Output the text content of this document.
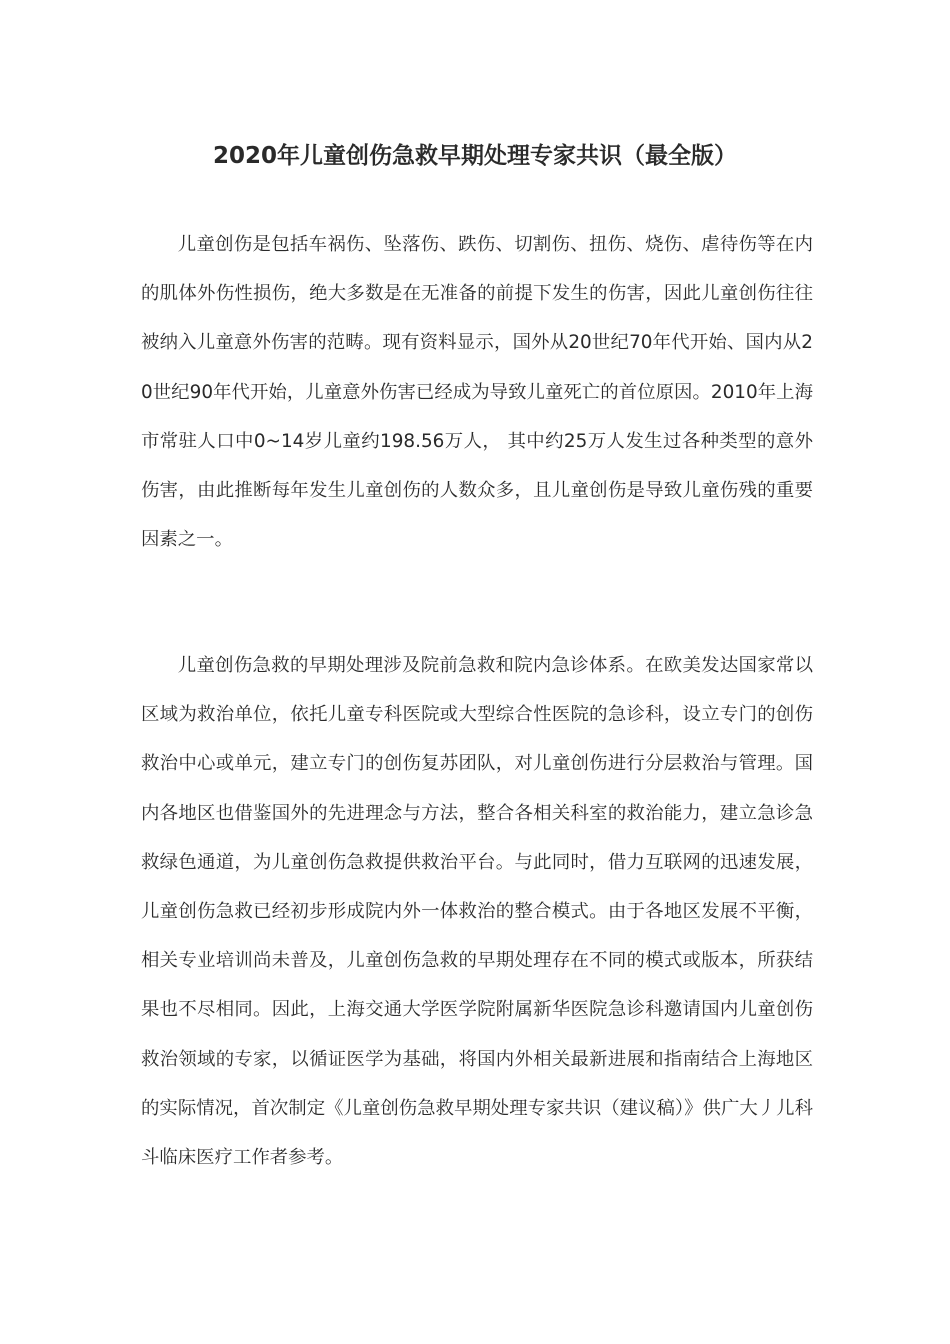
2020年儿童创伤急救早期处理专家共识（最全版）

儿童创伤是包括车祸伤、坠落伤、跌伤、切割伤、扭伤、烧伤、虐待伤等在内的肌体外伤性损伤，绝大多数是在无准备的前提下发生的伤害，因此儿童创伤往往被纳入儿童意外伤害的范畴。现有资料显示，国外从20世纪70年代开始、国内从20世纪90年代开始，儿童意外伤害已经成为导致儿童死亡的首位原因。2010年上海市常驻人口中0~14岁儿童约198.56万人， 其中约25万人发生过各种类型的意外伤害，由此推断每年发生儿童创伤的人数众多，且儿童创伤是导致儿童伤残的重要因素之一。

儿童创伤急救的早期处理涉及院前急救和院内急诊体系。在欧美发达国家常以区域为救治单位，依托儿童专科医院或大型综合性医院的急诊科，设立专门的创伤救治中心或单元，建立专门的创伤复苏团队，对儿童创伤进行分层救治与管理。国内各地区也借鉴国外的先进理念与方法，整合各相关科室的救治能力，建立急诊急救绿色通道，为儿童创伤急救提供救治平台。与此同时，借力互联网的迅速发展，儿童创伤急救已经初步形成院内外一体救治的整合模式。由于各地区发展不平衡，相关专业培训尚未普及，儿童创伤急救的早期处理存在不同的模式或版本，所获结果也不尽相同。因此，上海交通大学医学院附属新华医院急诊科邀请国内儿童创伤救治领域的专家，以循证医学为基础，将国内外相关最新进展和指南结合上海地区的实际情况，首次制定《儿童创伤急救早期处理专家共识（建议稿）》供广大丿儿科斗临床医疗工作者参考。
